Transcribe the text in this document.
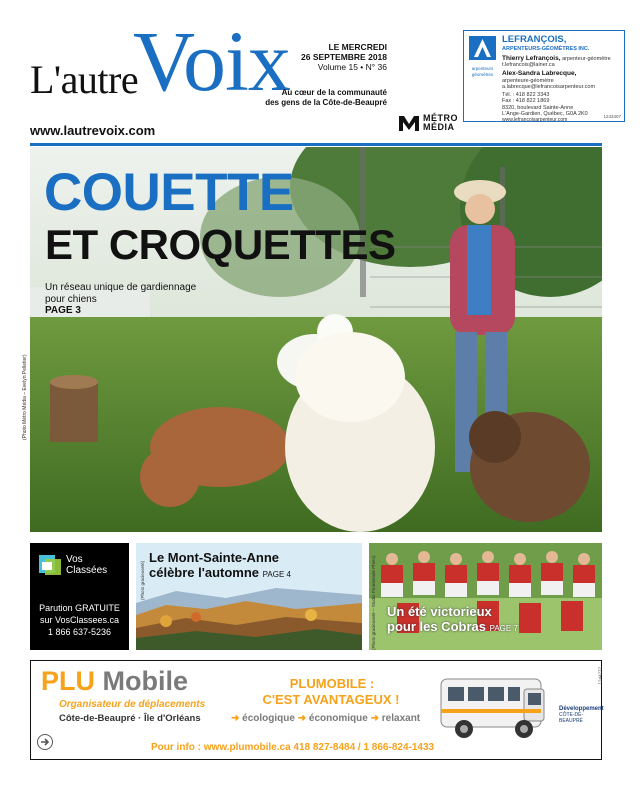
L'autre
Voix
www.lautrevoix.com
LE MERCREDI
26 SEPTEMBRE 2018
Volume 15 • N° 36
Au cœur de la communauté
des gens de la Côte-de-Beaupré
MÉTRO
MÉDIA
arpenteurs
géomètres
LEFRANÇOIS,
ARPENTEURS-GÉOMÈTRES INC.
Thierry Lefrançois, arpenteur-géomètre
t.lefrancois@lainer.ca
Alex-Sandra Labrecque,
arpenteure-géomètre
a.labrecque@lefrancoisarpenteur.com
Tél. : 418 822 3343
Fax : 418 822 1869
8320, boulevard Sainte-Anne
L'Ange-Gardien, Québec, G0A 2K0
www.lefrancoisarpenteur.com
1243407
COUETTE
ET CROQUETTES
Un réseau unique de gardiennage pour chiens
PAGE 3
(Photo Métro Média – Evelyn Pelletier)
Vos
Classées
Parution GRATUITE
sur VosClassees.ca
1 866 637-5236
Le Mont-Sainte-Anne
célèbre l'automne PAGE 4
(Photo gracieuseté)
Un été victorieux
pour les Cobras PAGE 7
(Photo gracieuseté – Studio Promenade Photo)
PLU Mobile
Organisateur de déplacements
Côte-de-Beaupré · Île d'Orléans
PLUMOBILE :
C'EST AVANTAGEUX !
➜ écologique ➜ économique ➜ relaxant
Pour info : www.plumobile.ca 418 827-8484 / 1 866-824-1433
Développement
CÔTE-DE-BEAUPRÉ
1244272
